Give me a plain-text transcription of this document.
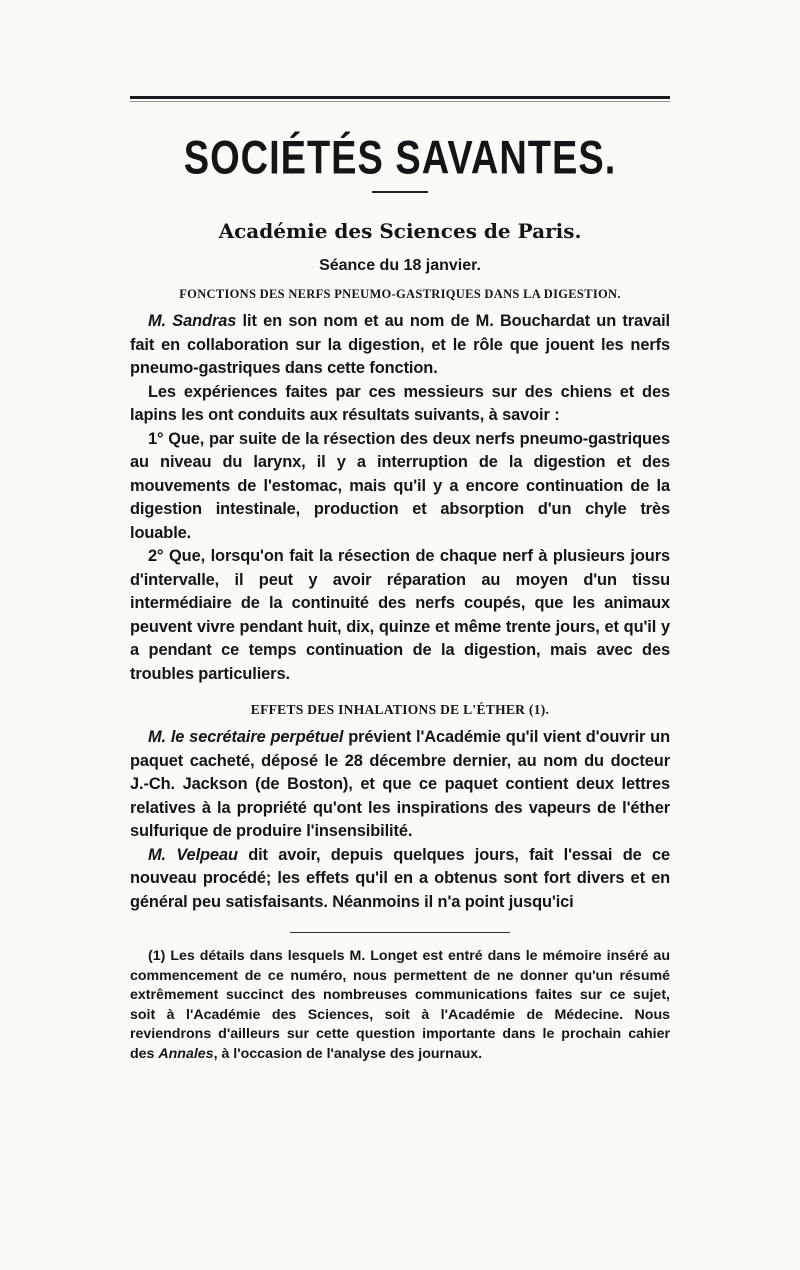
SOCIÉTÉS SAVANTES.
Académie des Sciences de Paris.
Séance du 18 janvier.
FONCTIONS DES NERFS PNEUMO-GASTRIQUES DANS LA DIGESTION.

M. Sandras lit en son nom et au nom de M. Bouchardat un travail fait en collaboration sur la digestion, et le rôle que jouent les nerfs pneumo-gastriques dans cette fonction.

Les expériences faites par ces messieurs sur des chiens et des lapins les ont conduits aux résultats suivants, à savoir :

1° Que, par suite de la résection des deux nerfs pneumo-gastriques au niveau du larynx, il y a interruption de la digestion et des mouvements de l'estomac, mais qu'il y a encore continuation de la digestion intestinale, production et absorption d'un chyle très louable.

2° Que, lorsqu'on fait la résection de chaque nerf à plusieurs jours d'intervalle, il peut y avoir réparation au moyen d'un tissu intermédiaire de la continuité des nerfs coupés, que les animaux peuvent vivre pendant huit, dix, quinze et même trente jours, et qu'il y a pendant ce temps continuation de la digestion, mais avec des troubles particuliers.

EFFETS DES INHALATIONS DE L'ÉTHER (1).

M. le secrétaire perpétuel prévient l'Académie qu'il vient d'ouvrir un paquet cacheté, déposé le 28 décembre dernier, au nom du docteur J.-Ch. Jackson (de Boston), et que ce paquet contient deux lettres relatives à la propriété qu'ont les inspirations des vapeurs de l'éther sulfurique de produire l'insensibilité.

M. Velpeau dit avoir, depuis quelques jours, fait l'essai de ce nouveau procédé; les effets qu'il en a obtenus sont fort divers et en général peu satisfaisants. Néanmoins il n'a point jusqu'ici

(1) Les détails dans lesquels M. Longet est entré dans le mémoire inséré au commencement de ce numéro, nous permettent de ne donner qu'un résumé extrêmement succinct des nombreuses communications faites sur ce sujet, soit à l'Académie des Sciences, soit à l'Académie de Médecine. Nous reviendrons d'ailleurs sur cette question importante dans le prochain cahier des Annales, à l'occasion de l'analyse des journaux.
